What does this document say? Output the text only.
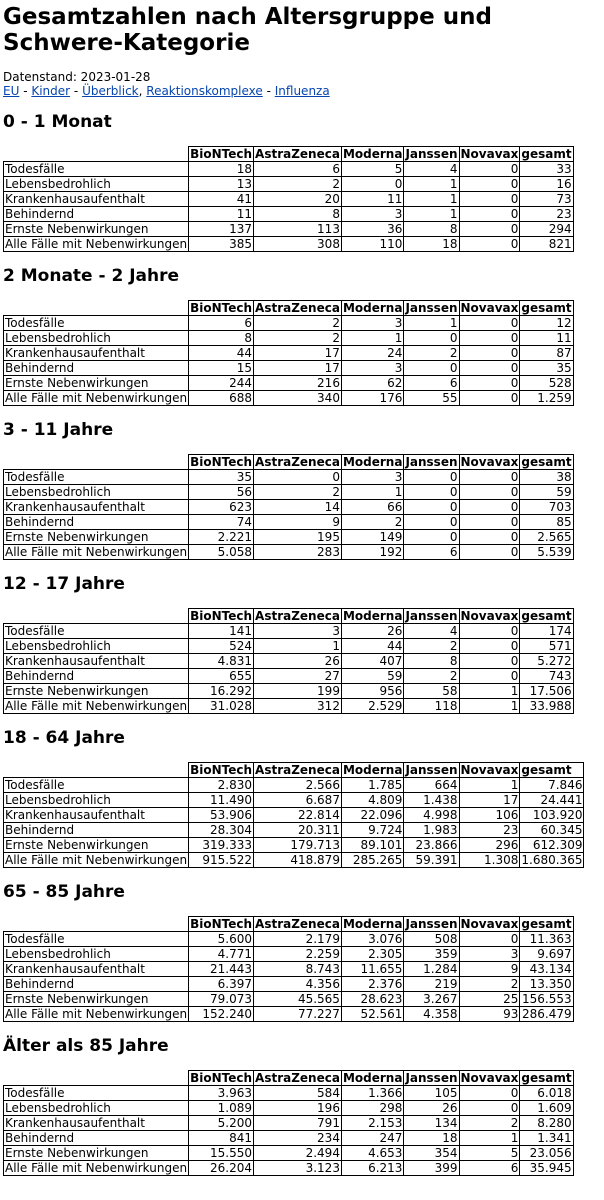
Gesamtzahlen nach Altersgruppe und Schwere-Kategorie
Datenstand: 2023-01-28
EU - Kinder - Überblick, Reaktionskomplexe - Influenza
0 - 1 Monat
	BioNTech	AstraZeneca	Moderna	Janssen	Novavax	gesamt
Todesfälle	18	6	5	4	0	33
Lebensbedrohlich	13	2	0	1	0	16
Krankenhausaufenthalt	41	20	11	1	0	73
Behindernd	11	8	3	1	0	23
Ernste Nebenwirkungen	137	113	36	8	0	294
Alle Fälle mit Nebenwirkungen	385	308	110	18	0	821
2 Monate - 2 Jahre
	BioNTech	AstraZeneca	Moderna	Janssen	Novavax	gesamt
Todesfälle	6	2	3	1	0	12
Lebensbedrohlich	8	2	1	0	0	11
Krankenhausaufenthalt	44	17	24	2	0	87
Behindernd	15	17	3	0	0	35
Ernste Nebenwirkungen	244	216	62	6	0	528
Alle Fälle mit Nebenwirkungen	688	340	176	55	0	1.259
3 - 11 Jahre
	BioNTech	AstraZeneca	Moderna	Janssen	Novavax	gesamt
Todesfälle	35	0	3	0	0	38
Lebensbedrohlich	56	2	1	0	0	59
Krankenhausaufenthalt	623	14	66	0	0	703
Behindernd	74	9	2	0	0	85
Ernste Nebenwirkungen	2.221	195	149	0	0	2.565
Alle Fälle mit Nebenwirkungen	5.058	283	192	6	0	5.539
12 - 17 Jahre
	BioNTech	AstraZeneca	Moderna	Janssen	Novavax	gesamt
Todesfälle	141	3	26	4	0	174
Lebensbedrohlich	524	1	44	2	0	571
Krankenhausaufenthalt	4.831	26	407	8	0	5.272
Behindernd	655	27	59	2	0	743
Ernste Nebenwirkungen	16.292	199	956	58	1	17.506
Alle Fälle mit Nebenwirkungen	31.028	312	2.529	118	1	33.988
18 - 64 Jahre
	BioNTech	AstraZeneca	Moderna	Janssen	Novavax	gesamt
Todesfälle	2.830	2.566	1.785	664	1	7.846
Lebensbedrohlich	11.490	6.687	4.809	1.438	17	24.441
Krankenhausaufenthalt	53.906	22.814	22.096	4.998	106	103.920
Behindernd	28.304	20.311	9.724	1.983	23	60.345
Ernste Nebenwirkungen	319.333	179.713	89.101	23.866	296	612.309
Alle Fälle mit Nebenwirkungen	915.522	418.879	285.265	59.391	1.308	1.680.365
65 - 85 Jahre
	BioNTech	AstraZeneca	Moderna	Janssen	Novavax	gesamt
Todesfälle	5.600	2.179	3.076	508	0	11.363
Lebensbedrohlich	4.771	2.259	2.305	359	3	9.697
Krankenhausaufenthalt	21.443	8.743	11.655	1.284	9	43.134
Behindernd	6.397	4.356	2.376	219	2	13.350
Ernste Nebenwirkungen	79.073	45.565	28.623	3.267	25	156.553
Alle Fälle mit Nebenwirkungen	152.240	77.227	52.561	4.358	93	286.479
Älter als 85 Jahre
	BioNTech	AstraZeneca	Moderna	Janssen	Novavax	gesamt
Todesfälle	3.963	584	1.366	105	0	6.018
Lebensbedrohlich	1.089	196	298	26	0	1.609
Krankenhausaufenthalt	5.200	791	2.153	134	2	8.280
Behindernd	841	234	247	18	1	1.341
Ernste Nebenwirkungen	15.550	2.494	4.653	354	5	23.056
Alle Fälle mit Nebenwirkungen	26.204	3.123	6.213	399	6	35.945
